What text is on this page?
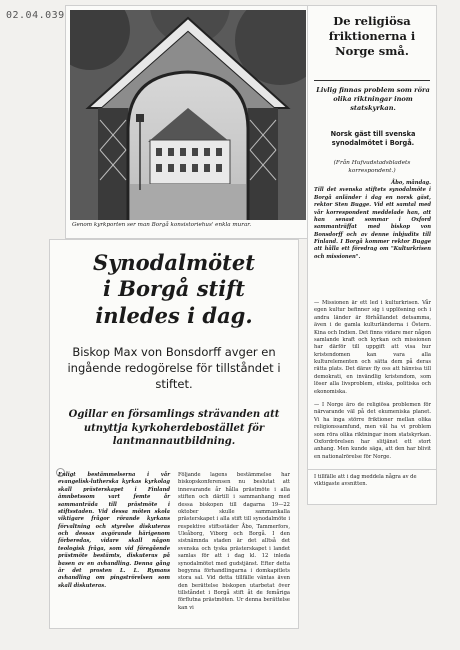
02.04.039
Genom kyrkporten ser man Borgå konsistoriehus' enkla murar.
Synodalmötet
i Borgå stift
inledes i dag.
Biskop Max von Bonsdorff avger en ingående redogörelse för tillståndet i stiftet.
Ogillar en församlings strävanden att utnyttja kyrkoherdebostället för lantmannautbildning.

Enligt bestämmelserna i vår evangelisk-lutherska kyrkas kyrkolag skall prästerskapet i Finland ämnbetssom vart femte år sammanträda till prästmöte i stiftsstaden. Vid dessa möten skola viktigare frågor rörande kyrkans förvaltning och styrelse diskuteras och dessas avgörande härigenom förberedas, vidare skall någon teologisk fråga, som vid föregående prästmöte bestämts, diskuteras på basen av en avhandling. Denna gång är det prosten L. L. Rymans avhandling om pingströrelsen som skall diskuteras.

Följande lagens bestämmelse har biskopskonferensen nu beslutat att innevarande år hålla prästmöte i alla stiften och därtill i sammanhang med dessa biskopen till dagarna 19—22 oktober skulle sammankalla prästerskapet i alla stift till synodalmöte i respektive stiftsstäder Åbo, Tammerfors, Uleåborg, Viborg och Borgå. I den sistnämnda staden är det alltså det svenska och tyska prästerskapet i landet samlas för att i dag kl. 12 inleda synodalmötet med gudstjänst. Efter detta begynna förhandlingarna i domkapitlets stora sal. Vid detta tillfälle väntas även den berättelse biskopen utarbetat över tillståndet i Borgå stift åt de femåriga förflutna prästmöten. Ur denna berättelse kan vi

De religiösa friktionerna i Norge små.
Livlig finnas problem som röra olika riktningar inom statskyrkan.
Norsk gäst till svenska synodalmötet i Borgå.
(Från Hufvudstadsbladets korrespondent.)
Åbo, måndag.
Till det svenska stiftets synodalmöte i Borgå anländer i dag en norsk gäst, rektor Sten Bugge. Vid ett samtal med vår korrespondent meddelade han, att han senast sommar i Oxford sammanträffat med biskop von Bonsdorff och av denne inbjudits till Finland. I Borgå kommer rektor Bugge att hålla ett föredrag om "Kulturkrisen och missionen".
— Missionen är ett led i kulturkrisen. Vår egen kultur befinner sig i upplösning och i andra länder är förhållandet detsamma, även i de gamla kulturländerna i Östern. Kina och Indien. Det finns vidare mer någon samlande kraft och kyrkan och missionen har därför till uppgift att visa hur kristendomen kan vara alla kulturelementen och sätta dem på deras rätta plats. Det därav fly oss att hänvisa till demokrati, en invändlig kristendom, som löser alla livsproblem, etiska, politiska och ekonomiska.
— I Norge äro de religiösa problemen för närvarande väl på det ekumeniska planet. Vi ha inga större friktioner mellan olika religionssamfund, men väl ha vi problem som röra olika riktningar inom statskyrkan. Oxfordrörelsen har slitjänst ett stort anhang. Men kunde säga, att den har blivit en nationalrörelse för Norge.
I tillfälle att i dag meddela några av de viktigaste avsnitten.
